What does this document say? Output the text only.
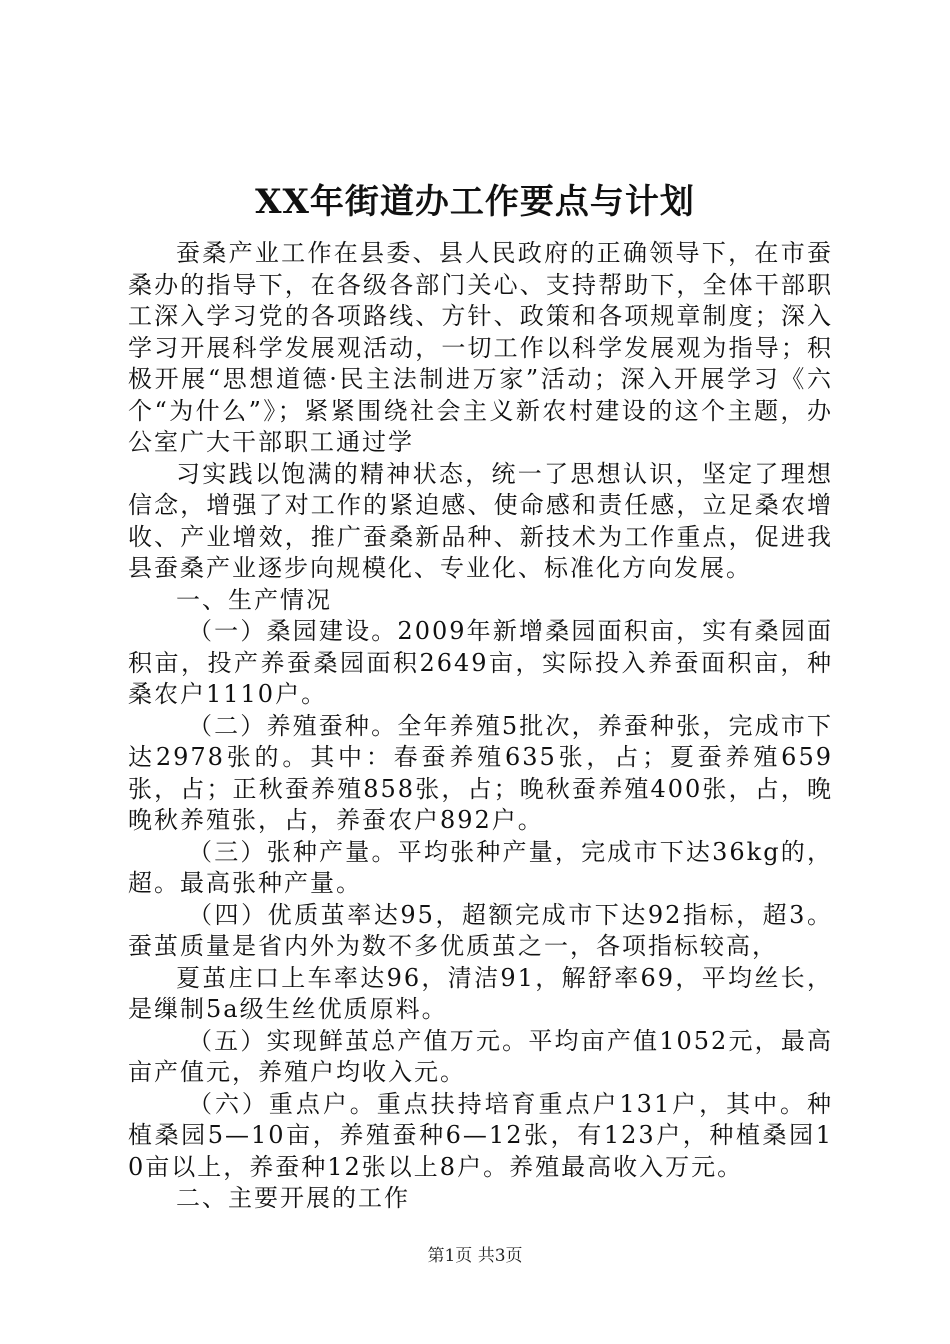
XX年街道办工作要点与计划

蚕桑产业工作在县委、县人民政府的正确领导下，在市蚕桑办的指导下，在各级各部门关心、支持帮助下，全体干部职工深入学习党的各项路线、方针、政策和各项规章制度；深入学习开展科学发展观活动，一切工作以科学发展观为指导；积极开展“思想道德·民主法制进万家”活动；深入开展学习《六个“为什么”》；紧紧围绕社会主义新农村建设的这个主题，办公室广大干部职工通过学

习实践以饱满的精神状态，统一了思想认识，坚定了理想信念，增强了对工作的紧迫感、使命感和责任感，立足桑农增收、产业增效，推广蚕桑新品种、新技术为工作重点，促进我县蚕桑产业逐步向规模化、专业化、标准化方向发展。

一、生产情况

（一）桑园建设。2009年新增桑园面积亩，实有桑园面积亩，投产养蚕桑园面积2649亩，实际投入养蚕面积亩，种桑农户1110户。

（二）养殖蚕种。全年养殖5批次，养蚕种张，完成市下达2978张的。其中：春蚕养殖635张，占；夏蚕养殖659张，占；正秋蚕养殖858张，占；晚秋蚕养殖400张，占，晚晚秋养殖张，占，养蚕农户892户。

（三）张种产量。平均张种产量，完成市下达36kg的，超。最高张种产量。

（四）优质茧率达95，超额完成市下达92指标，超3。蚕茧质量是省内外为数不多优质茧之一，各项指标较高，

夏茧庄口上车率达96，清洁91，解舒率69，平均丝长，是缫制5a级生丝优质原料。

（五）实现鲜茧总产值万元。平均亩产值1052元，最高亩产值元，养殖户均收入元。

（六）重点户。重点扶持培育重点户131户，其中。种植桑园5—10亩，养殖蚕种6—12张，有123户，种植桑园10亩以上，养蚕种12张以上8户。养殖最高收入万元。

二、主要开展的工作

第1页 共3页
